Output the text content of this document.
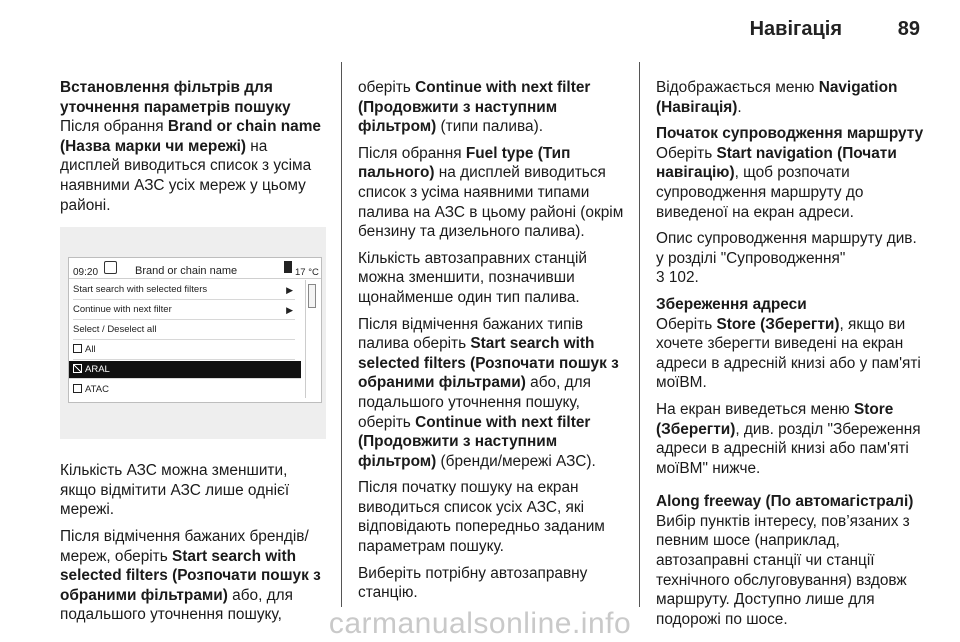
Навігація	89
Встановлення фільтрів для уточнення параметрів пошуку

Після обрання Brand or chain name (Назва марки чи мережі) на дисплей виводиться список з усіма наявними АЗС усіх мереж у цьому районі.

09:20	Brand or chain name	17 °C
Start search with selected filters	▶
Continue with next filter	▶
Select / Deselect all
All
ARAL
ATAC

Кількість АЗС можна зменшити, якщо відмітити АЗС лише однієї мережі.

Після відмічення бажаних брендів/мереж, оберіть Start search with selected filters (Розпочати пошук з обраними фільтрами) або, для подальшого уточнення пошуку,

оберіть Continue with next filter (Продовжити з наступним фільтром) (типи палива).

Після обрання Fuel type (Тип пального) на дисплей виводиться список з усіма наявними типами палива на АЗС в цьому районі (окрім бензину та дизельного палива).

Кількість автозаправних станцій можна зменшити, позначивши щонайменше один тип палива.

Після відмічення бажаних типів палива оберіть Start search with selected filters (Розпочати пошук з обраними фільтрами) або, для подальшого уточнення пошуку, оберіть Continue with next filter (Продовжити з наступним фільтром) (бренди/мережі АЗС).

Після початку пошуку на екран виводиться список усіх АЗС, які відповідають попередньо заданим параметрам пошуку.

Виберіть потрібну автозаправну станцію.

Відображається меню Navigation (Навігація).

Початок супроводження маршруту

Оберіть Start navigation (Почати навігацію), щоб розпочати супроводження маршруту до виведеної на екран адреси.

Опис супроводження маршруту див. у розділі "Супроводження"
3 102.

Збереження адреси

Оберіть Store (Зберегти), якщо ви хочете зберегти виведені на екран адреси в адресній книзі або у пам'яті моїВМ.

На екран виведеться меню Store (Зберегти), див. розділ "Збереження адреси в адресній книзі або пам'яті моїВМ" нижче.

Along freeway (По автомагістралі)

Вибір пунктів інтересу, пов’язаних з певним шосе (наприклад, автозаправні станції чи станції технічного обслуговування) вздовж маршруту. Доступно лише для подорожі по шосе.

carmanualsonline.info
